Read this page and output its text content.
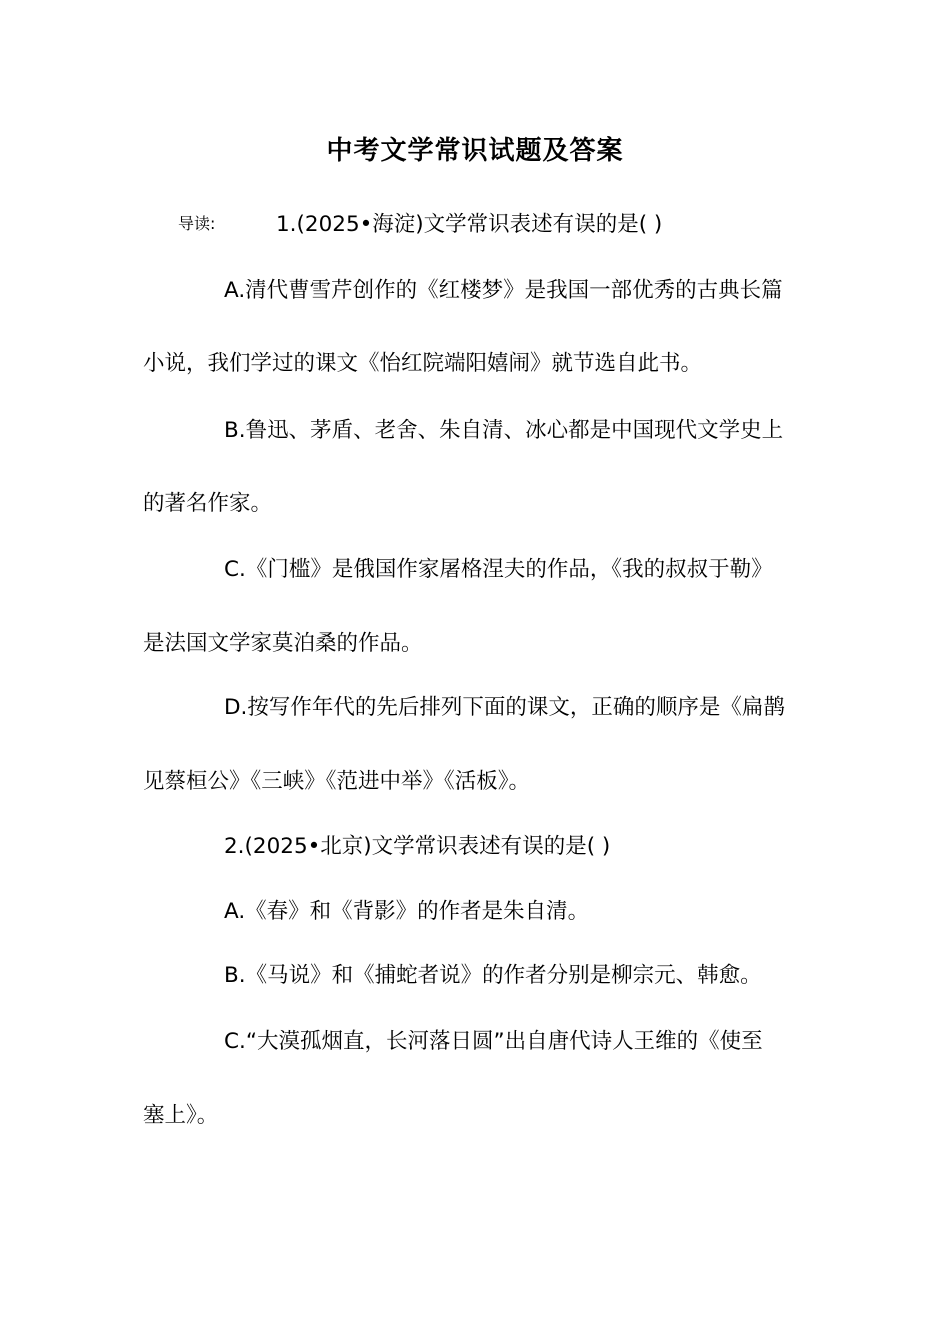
中考文学常识试题及答案
导读:	1.(2025•海淀)文学常识表述有误的是( )
A.清代曹雪芹创作的《红楼梦》是我国一部优秀的古典长篇
小说，我们学过的课文《怡红院端阳嬉闹》就节选自此书。
B.鲁迅、茅盾、老舍、朱自清、冰心都是中国现代文学史上
的著名作家。
C.《门槛》是俄国作家屠格涅夫的作品，《我的叔叔于勒》
是法国文学家莫泊桑的作品。
D.按写作年代的先后排列下面的课文，正确的顺序是《扁鹊
见蔡桓公》《三峡》《范进中举》《活板》。
2.(2025•北京)文学常识表述有误的是( )
A.《春》和《背影》的作者是朱自清。
B.《马说》和《捕蛇者说》的作者分别是柳宗元、韩愈。
C.“大漠孤烟直，长河落日圆”出自唐代诗人王维的《使至
塞上》。
